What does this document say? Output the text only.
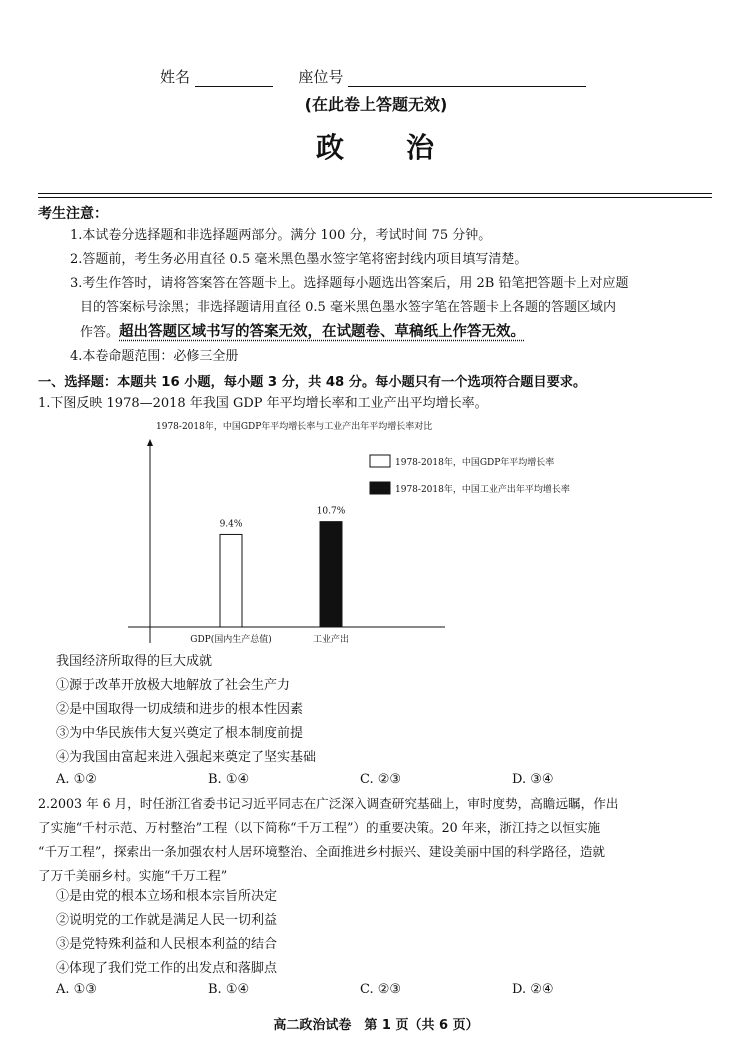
姓名	座位号
(在此卷上答题无效)
政　　治
考生注意：
1.本试卷分选择题和非选择题两部分。满分 100 分，考试时间 75 分钟。
2.答题前，考生务必用直径 0.5 毫米黑色墨水签字笔将密封线内项目填写清楚。
3.考生作答时，请将答案答在答题卡上。选择题每小题选出答案后，用 2B 铅笔把答题卡上对应题
目的答案标号涂黑；非选择题请用直径 0.5 毫米黑色墨水签字笔在答题卡上各题的答题区域内
作答。超出答题区域书写的答案无效，在试题卷、草稿纸上作答无效。
4.本卷命题范围：必修三全册
一、选择题：本题共 16 小题，每小题 3 分，共 48 分。每小题只有一个选项符合题目要求。
1.下图反映 1978—2018 年我国 GDP 年平均增长率和工业产出平均增长率。
1978-2018年，中国GDP年平均增长率与工业产出年平均增长率对比
9.4%
10.7%
GDP(国内生产总值)	工业产出
1978-2018年，中国GDP年平均增长率
1978-2018年，中国工业产出年平均增长率
我国经济所取得的巨大成就
①源于改革开放极大地解放了社会生产力
②是中国取得一切成绩和进步的根本性因素
③为中华民族伟大复兴奠定了根本制度前提
④为我国由富起来进入强起来奠定了坚实基础
A. ①②	B. ①④	C. ②③	D. ③④
2.2003 年 6 月，时任浙江省委书记习近平同志在广泛深入调查研究基础上，审时度势，高瞻远瞩，作出
了实施“千村示范、万村整治”工程（以下简称“千万工程”）的重要决策。20 年来，浙江持之以恒实施
“千万工程”，探索出一条加强农村人居环境整治、全面推进乡村振兴、建设美丽中国的科学路径，造就
了万千美丽乡村。实施“千万工程”
①是由党的根本立场和根本宗旨所决定
②说明党的工作就是满足人民一切利益
③是党特殊利益和人民根本利益的结合
④体现了我们党工作的出发点和落脚点
A. ①③	B. ①④	C. ②③	D. ②④
高二政治试卷　第 1 页（共 6 页）
